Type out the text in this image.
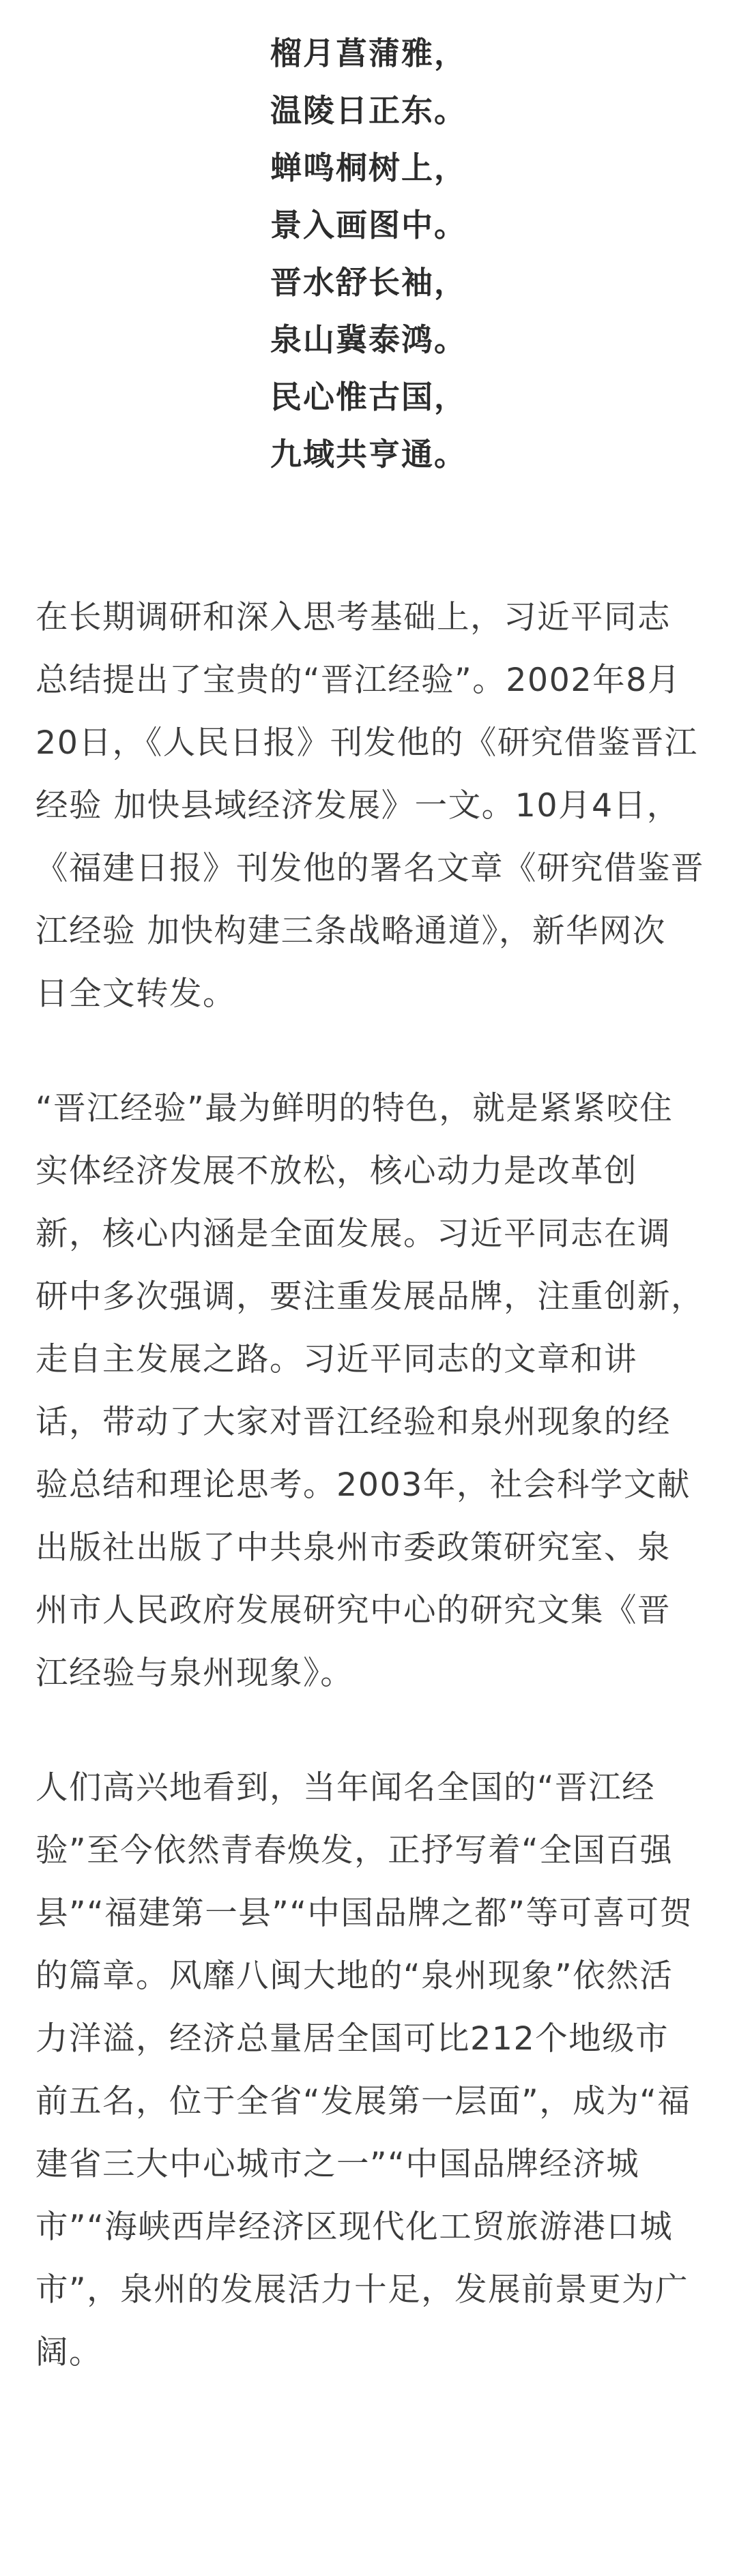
榴月菖蒲雅，
温陵日正东。
蝉鸣桐树上，
景入画图中。
晋水舒长袖，
泉山冀泰鸿。
民心惟古国，
九域共亨通。

在长期调研和深入思考基础上，习近平同志
总结提出了宝贵的“晋江经验”。2002年8月
20日，《人民日报》刊发他的《研究借鉴晋江
经验 加快县域经济发展》一文。10月4日，
《福建日报》刊发他的署名文章《研究借鉴晋
江经验 加快构建三条战略通道》，新华网次
日全文转发。

“晋江经验”最为鲜明的特色，就是紧紧咬住
实体经济发展不放松，核心动力是改革创
新，核心内涵是全面发展。习近平同志在调
研中多次强调，要注重发展品牌，注重创新，
走自主发展之路。习近平同志的文章和讲
话，带动了大家对晋江经验和泉州现象的经
验总结和理论思考。2003年，社会科学文献
出版社出版了中共泉州市委政策研究室、泉
州市人民政府发展研究中心的研究文集《晋
江经验与泉州现象》。

人们高兴地看到，当年闻名全国的“晋江经
验”至今依然青春焕发，正抒写着“全国百强
县”“福建第一县”“中国品牌之都”等可喜可贺
的篇章。风靡八闽大地的“泉州现象”依然活
力洋溢，经济总量居全国可比212个地级市
前五名，位于全省“发展第一层面”，成为“福
建省三大中心城市之一”“中国品牌经济城
市”“海峡西岸经济区现代化工贸旅游港口城
市”，泉州的发展活力十足，发展前景更为广
阔。
